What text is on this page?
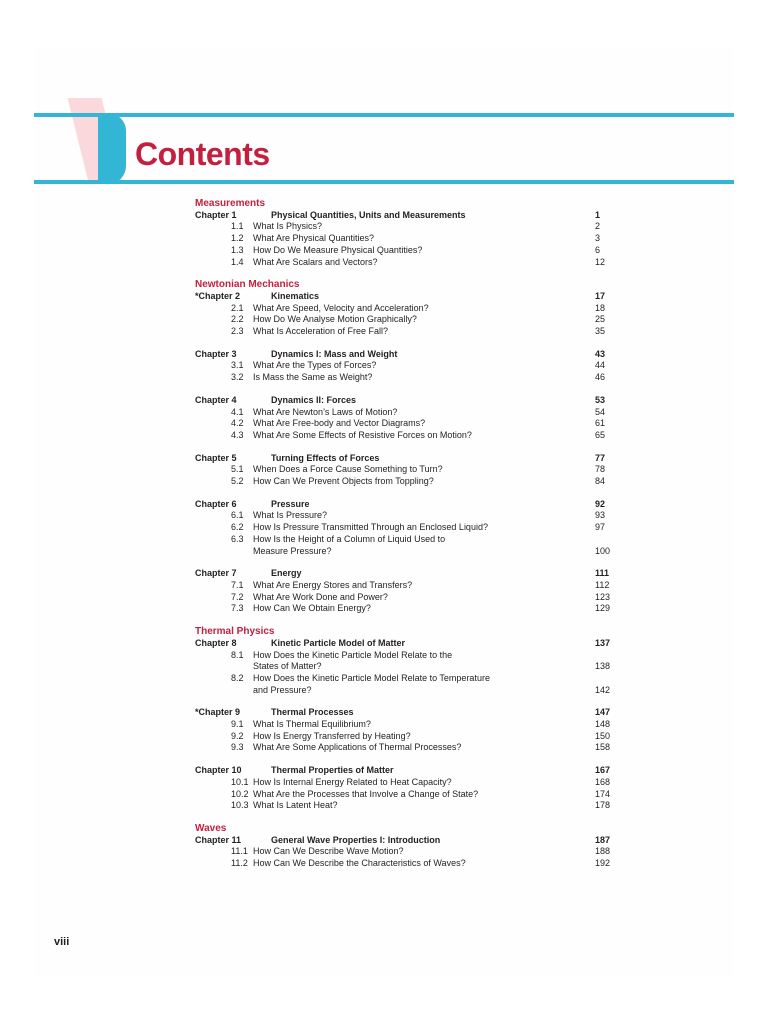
Contents
Measurements
Chapter 1	Physical Quantities, Units and Measurements	1
1.1	What Is Physics?	2
1.2	What Are Physical Quantities?	3
1.3	How Do We Measure Physical Quantities?	6
1.4	What Are Scalars and Vectors?	12
Newtonian Mechanics
*Chapter 2	Kinematics	17
2.1	What Are Speed, Velocity and Acceleration?	18
2.2	How Do We Analyse Motion Graphically?	25
2.3	What Is Acceleration of Free Fall?	35
Chapter 3	Dynamics I: Mass and Weight	43
3.1	What Are the Types of Forces?	44
3.2	Is Mass the Same as Weight?	46
Chapter 4	Dynamics II: Forces	53
4.1	What Are Newton’s Laws of Motion?	54
4.2	What Are Free-body and Vector Diagrams?	61
4.3	What Are Some Effects of Resistive Forces on Motion?	65
Chapter 5	Turning Effects of Forces	77
5.1	When Does a Force Cause Something to Turn?	78
5.2	How Can We Prevent Objects from Toppling?	84
Chapter 6	Pressure	92
6.1	What Is Pressure?	93
6.2	How Is Pressure Transmitted Through an Enclosed Liquid?	97
6.3	How Is the Height of a Column of Liquid Used to
Measure Pressure?	100
Chapter 7	Energy	111
7.1	What Are Energy Stores and Transfers?	112
7.2	What Are Work Done and Power?	123
7.3	How Can We Obtain Energy?	129
Thermal Physics
Chapter 8	Kinetic Particle Model of Matter	137
8.1	How Does the Kinetic Particle Model Relate to the
States of Matter?	138
8.2	How Does the Kinetic Particle Model Relate to Temperature
and Pressure?	142
*Chapter 9	Thermal Processes	147
9.1	What Is Thermal Equilibrium?	148
9.2	How Is Energy Transferred by Heating?	150
9.3	What Are Some Applications of Thermal Processes?	158
Chapter 10	Thermal Properties of Matter	167
10.1 How Is Internal Energy Related to Heat Capacity?	168
10.2 What Are the Processes that Involve a Change of State?	174
10.3 What Is Latent Heat?	178
Waves
Chapter 11	General Wave Properties I: Introduction	187
11.1 How Can We Describe Wave Motion?	188
11.2 How Can We Describe the Characteristics of Waves?	192
viii
